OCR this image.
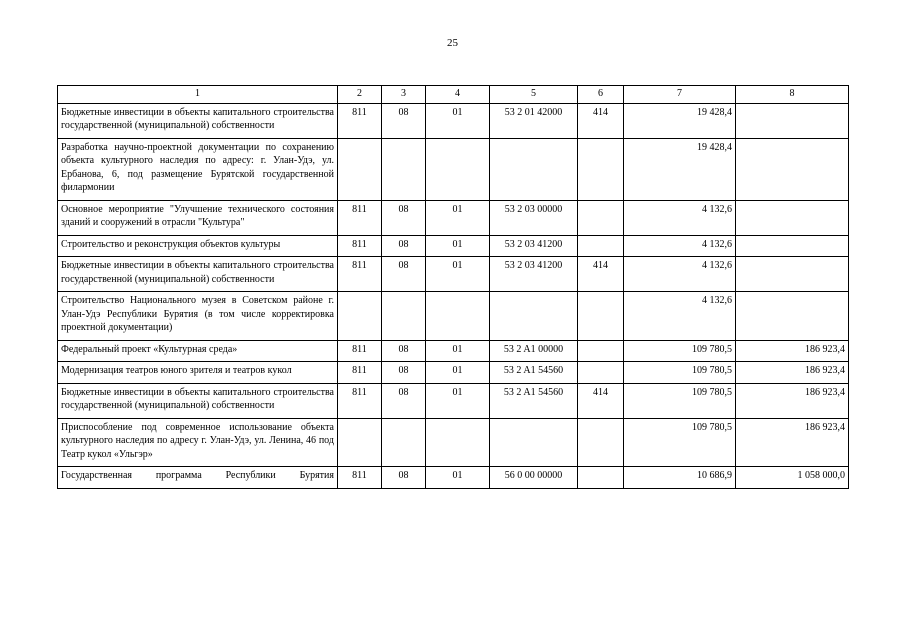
25
1	2	3	4	5	6	7	8
Бюджетные инвестиции в объекты капитального строительства государственной (муниципальной) собственности	811	08	01	53 2 01 42000	414	19 428,4	
Разработка научно-проектной документации по сохранению объекта культурного наследия по адресу: г. Улан-Удэ, ул. Ербанова, 6, под размещение Бурятской государственной филармонии						19 428,4	
Основное мероприятие "Улучшение технического состояния зданий и сооружений в отрасли "Культура"	811	08	01	53 2 03 00000		4 132,6	
Строительство и реконструкция объектов культуры	811	08	01	53 2 03 41200		4 132,6	
Бюджетные инвестиции в объекты капитального строительства государственной (муниципальной) собственности	811	08	01	53 2 03 41200	414	4 132,6	
Строительство Национального музея в Советском районе г. Улан-Удэ Республики Бурятия (в том числе корректировка проектной документации)						4 132,6	
Федеральный проект «Культурная среда»	811	08	01	53 2 A1 00000		109 780,5	186 923,4
Модернизация театров юного зрителя и театров кукол	811	08	01	53 2 A1 54560		109 780,5	186 923,4
Бюджетные инвестиции в объекты капитального строительства государственной (муниципальной) собственности	811	08	01	53 2 A1 54560	414	109 780,5	186 923,4
Приспособление под современное использование объекта культурного наследия по адресу г. Улан-Удэ, ул. Ленина, 46 под Театр кукол «Ульгэр»						109 780,5	186 923,4
Государственная программа Республики Бурятия	811	08	01	56 0 00 00000		10 686,9	1 058 000,0
